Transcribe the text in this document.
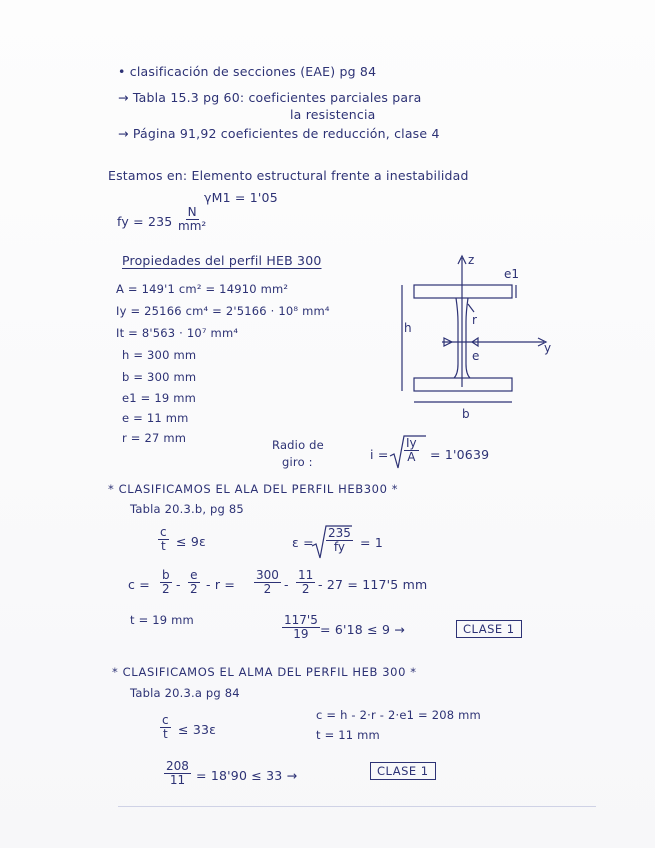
• clasificación de secciones (EAE) pg 84
→ Tabla 15.3 pg 60: coeficientes parciales para
la resistencia
→ Página 91,92 coeficientes de reducción, clase 4
Estamos en: Elemento estructural frente a inestabilidad
γM1 = 1'05
fy = $235 \frac{N}{\text{mm²}}$
Propiedades del perfil HEB 300
A = 149'1 cm² = 14910 mm²
Iy = 25166 cm⁴ = 2'5166 · 10⁸ mm⁴
It = 8'563 · 10⁷ mm⁴
h = 300 mm
b = 300 mm
e1 = 19 mm
e = 11 mm
r = 27 mm	Radio de
giro :	$i = \frac{Iy}{A} = 1'0639$
z
y
e
r
h
b
e1
* CLASIFICAMOS EL ALA DEL PERFIL HEB300 *
Tabla 20.3.b, pg 85
$\frac{c}{t} \le 9\varepsilon$	$\varepsilon = \frac{235}{fy} = 1$
$c = \frac{b}{2} - \frac{e}{2} - r = \frac{300}{2} - \frac{11}{2} - 27 = 117'5$ mm
t = 19 mm	$\frac{117'5}{19} = 6'18 \le 9$ →	CLASE 1
* CLASIFICAMOS EL ALMA DEL PERFIL HEB 300 *
Tabla 20.3.a pg 84
$\frac{c}{t} \le 33\varepsilon$
c = h - 2·r - 2·e1 = 208 mm
t = 11 mm
$\frac{208}{11} = 18'90 \le 33$ →	CLASE 1
